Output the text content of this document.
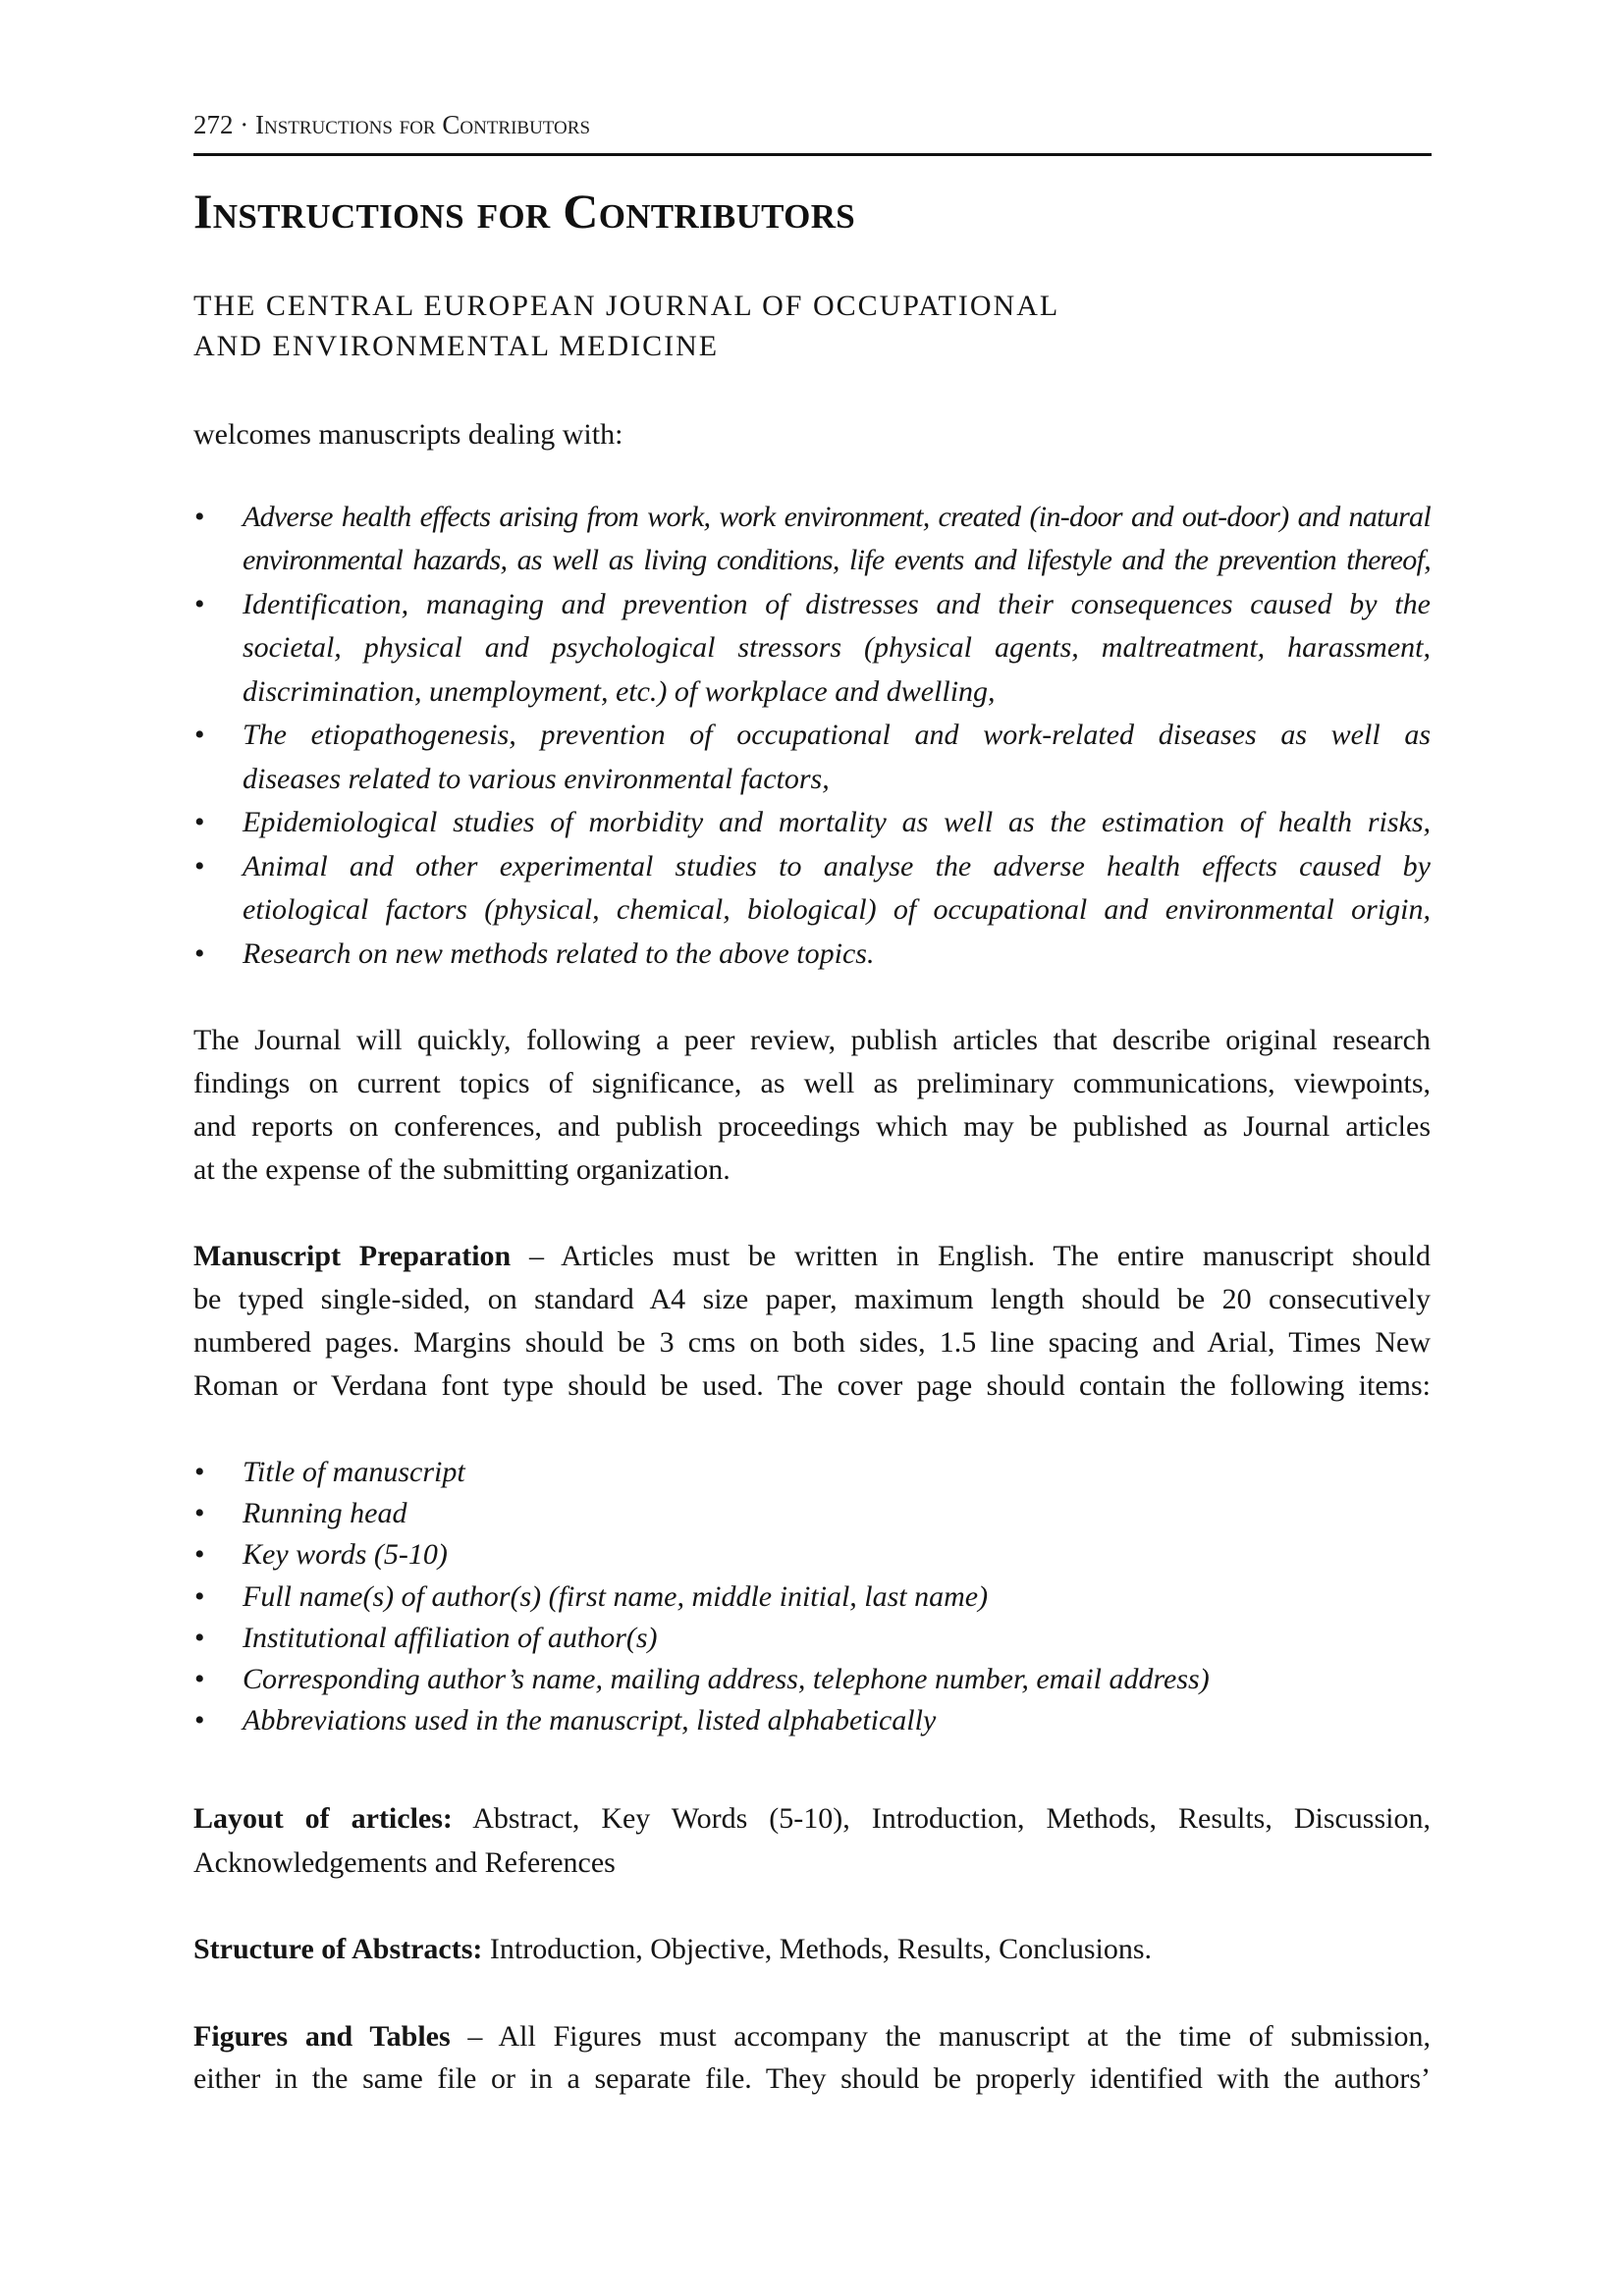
272 · Instructions for Contributors
Instructions for Contributors
THE CENTRAL EUROPEAN JOURNAL OF OCCUPATIONAL
AND ENVIRONMENTAL MEDICINE
welcomes manuscripts dealing with:
• Adverse health effects arising from work, work environment, created (in-door and out-door) and natural
environmental hazards, as well as living conditions, life events and lifestyle and the prevention thereof,
• Identification, managing and prevention of distresses and their consequences caused by the
societal, physical and psychological stressors (physical agents, maltreatment, harassment,
discrimination, unemployment, etc.) of workplace and dwelling,
• The etiopathogenesis, prevention of occupational and work-related diseases as well as
diseases related to various environmental factors,
• Epidemiological studies of morbidity and mortality as well as the estimation of health risks,
• Animal and other experimental studies to analyse the adverse health effects caused by
etiological factors (physical, chemical, biological) of occupational and environmental origin,
• Research on new methods related to the above topics.
The Journal will quickly, following a peer review, publish articles that describe original research
findings on current topics of significance, as well as preliminary communications, viewpoints,
and reports on conferences, and publish proceedings which may be published as Journal articles
at the expense of the submitting organization.
Manuscript Preparation – Articles must be written in English. The entire manuscript should
be typed single-sided, on standard A4 size paper, maximum length should be 20 consecutively
numbered pages. Margins should be 3 cms on both sides, 1.5 line spacing and Arial, Times New
Roman or Verdana font type should be used. The cover page should contain the following items:
• Title of manuscript
• Running head
• Key words (5-10)
• Full name(s) of author(s) (first name, middle initial, last name)
• Institutional affiliation of author(s)
• Corresponding author’s name, mailing address, telephone number, email address)
• Abbreviations used in the manuscript, listed alphabetically
Layout of articles: Abstract, Key Words (5-10), Introduction, Methods, Results, Discussion,
Acknowledgements and References
Structure of Abstracts: Introduction, Objective, Methods, Results, Conclusions.
Figures and Tables – All Figures must accompany the manuscript at the time of submission,
either in the same file or in a separate file. They should be properly identified with the authors’
